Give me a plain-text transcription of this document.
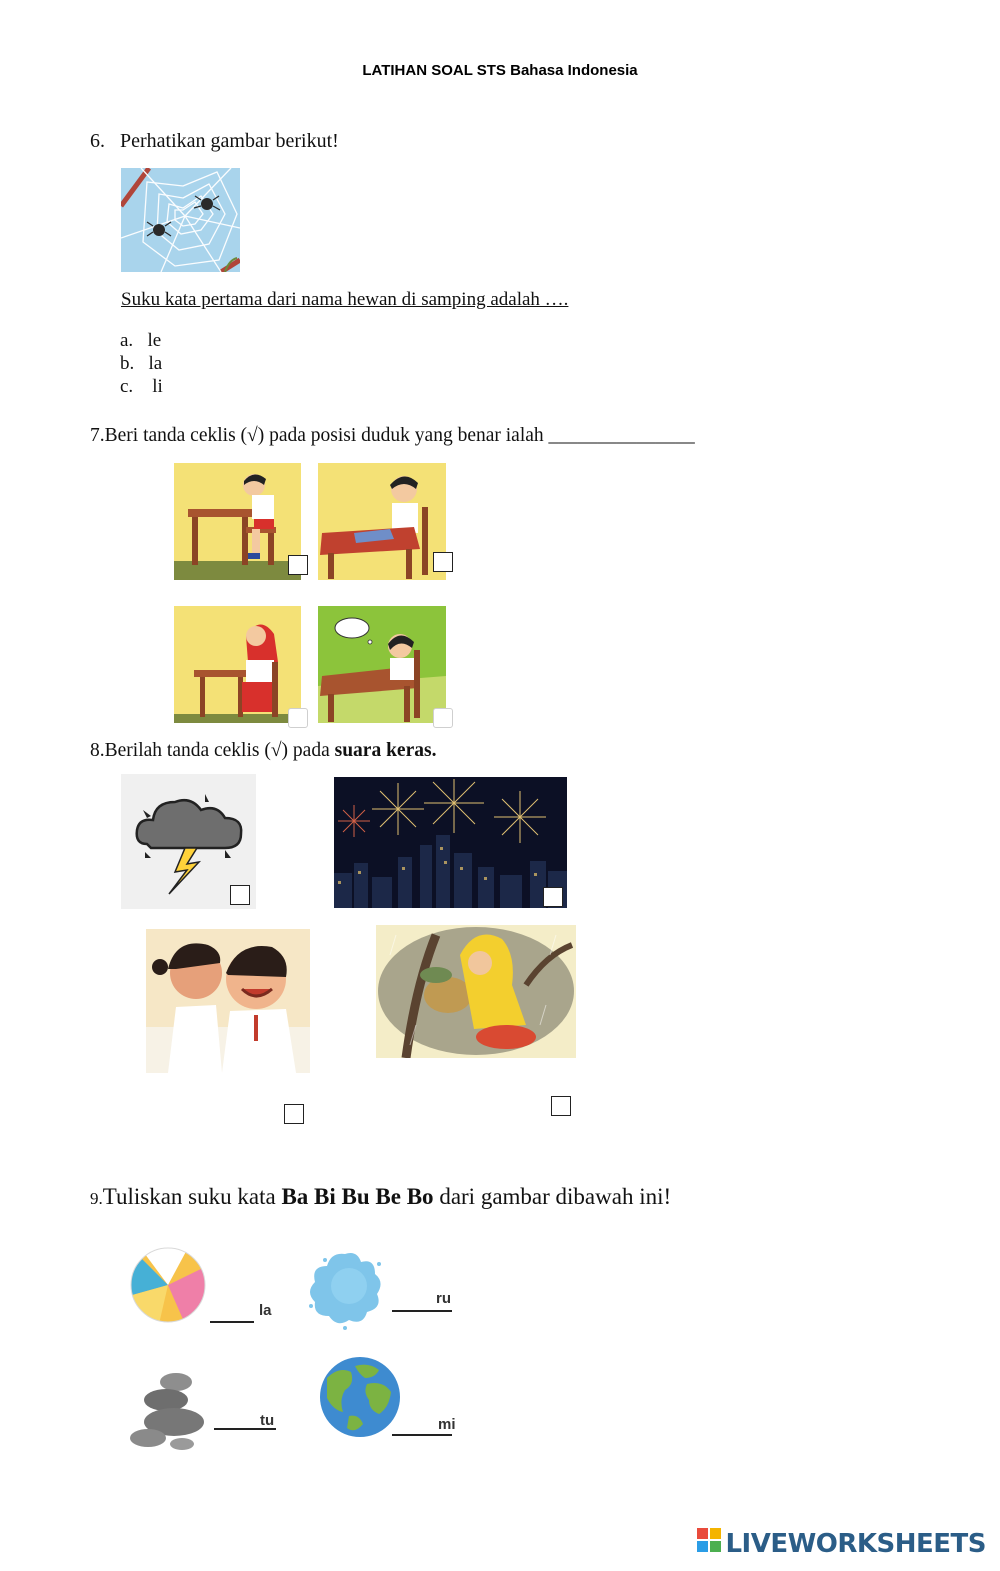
LATIHAN SOAL STS Bahasa Indonesia
6. Perhatikan gambar berikut!
Suku kata pertama dari nama hewan di samping adalah ….
a. le
b. la
c. li
7.Beri tanda ceklis (√) pada posisi duduk yang benar ialah _______________
8.Berilah tanda ceklis (√) pada suara keras.
9.Tuliskan suku kata Ba Bi Bu Be Bo dari gambar dibawah ini!
la
ru
tu	mi
LIVEWORKSHEETS
